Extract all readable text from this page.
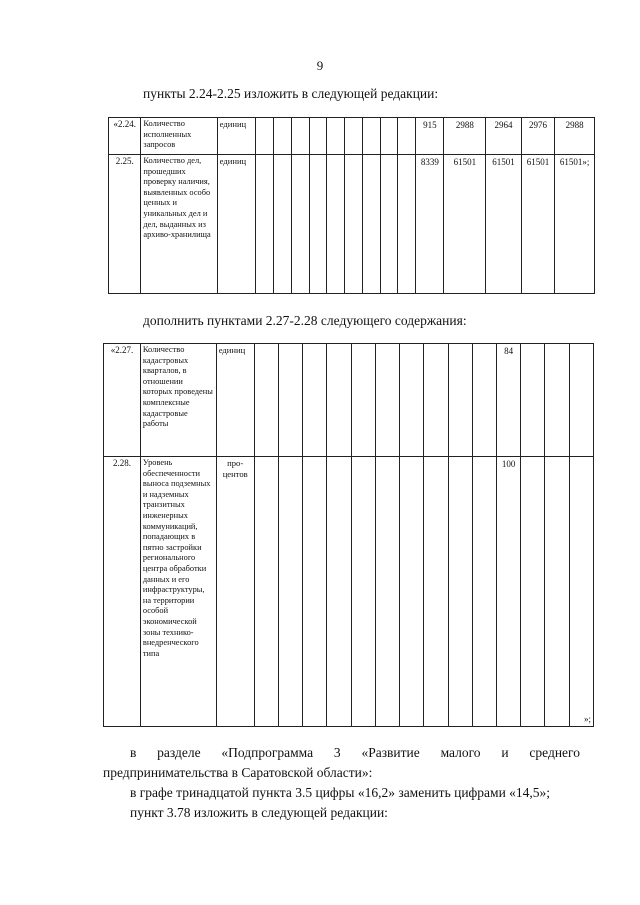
9
пункты 2.24-2.25 изложить в следующей редакции:
«2.24.	Количество исполненных запросов	единиц										915	2988	2964	2976	2988
2.25.	Количество дел, прошедших проверку наличия, выявленных особо ценных и уникальных дел и дел, выданных из архиво-хранилища	единиц										8339	61501	61501	61501	61501»;
дополнить пунктами 2.27-2.28 следующего содержания:
«2.27.	Количество кадастровых кварталов, в отношении которых проведены комплексные кадастровые работы	единиц											84			
2.28.	Уровень обеспеченности выноса подземных и надземных транзитных инженерных коммуникаций, попадающих в пятно застройки регионального центра обработки данных и его инфраструктуры, на территории особой экономической зоны технико-внедренческого типа	про-центов											100			»;
в разделе «Подпрограмма 3 «Развитие малого и среднего
предпринимательства в Саратовской области»:
в графе тринадцатой пункта 3.5 цифры «16,2» заменить цифрами «14,5»;
пункт 3.78 изложить в следующей редакции:
